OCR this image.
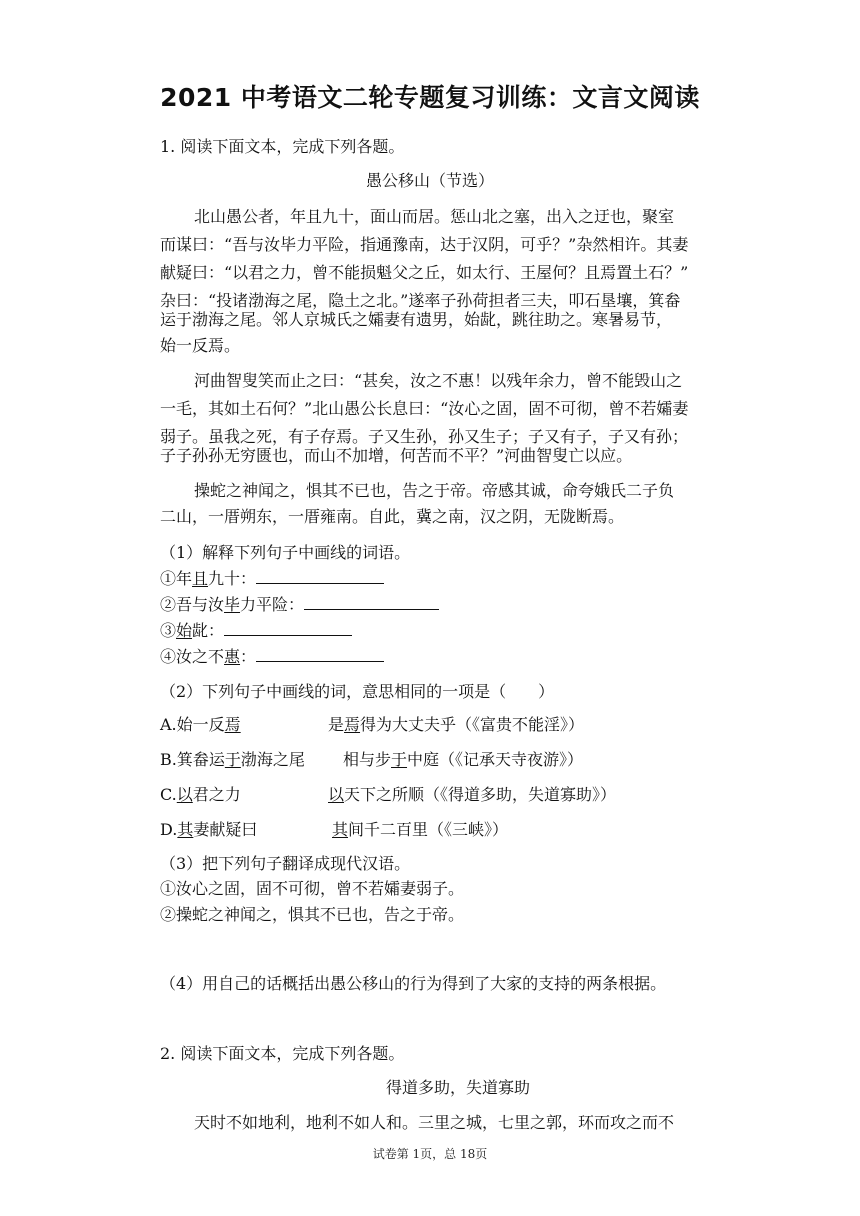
2021 中考语文二轮专题复习训练：文言文阅读
1. 阅读下面文本，完成下列各题。
愚公移山（节选）
北山愚公者，年且九十，面山而居。惩山北之塞，出入之迂也，聚室
而谋曰：“吾与汝毕力平险，指通豫南，达于汉阴，可乎？”杂然相许。其妻
献疑曰：“以君之力，曾不能损魁父之丘，如太行、王屋何？且焉置土石？”
杂曰：“投诸渤海之尾，隐土之北。”遂率子孙荷担者三夫，叩石垦壤，箕畚
运于渤海之尾。邻人京城氏之孀妻有遗男，始龀，跳往助之。寒暑易节，
始一反焉。
河曲智叟笑而止之曰：“甚矣，汝之不惠！以残年余力，曾不能毁山之
一毛，其如土石何？”北山愚公长息曰：“汝心之固，固不可彻，曾不若孀妻
弱子。虽我之死，有子存焉。子又生孙，孙又生子；子又有子，子又有孙；
子子孙孙无穷匮也，而山不加增，何苦而不平？”河曲智叟亡以应。
操蛇之神闻之，惧其不已也，告之于帝。帝感其诚，命夸娥氏二子负
二山，一厝朔东，一厝雍南。自此，冀之南，汉之阴，无陇断焉。
（1）解释下列句子中画线的词语。
①年且九十：
②吾与汝毕力平险：
③始龀：
④汝之不惠：
（2）下列句子中画线的词，意思相同的一项是（　　）
A.始一反焉	是焉得为大丈夫乎（《富贵不能淫》）
B.箕畚运于渤海之尾 相与步于中庭（《记承天寺夜游》）
C.以君之力	以天下之所顺（《得道多助，失道寡助》）
D.其妻献疑曰	其间千二百里（《三峡》）
（3）把下列句子翻译成现代汉语。
①汝心之固，固不可彻，曾不若孀妻弱子。
②操蛇之神闻之，惧其不已也，告之于帝。
（4）用自己的话概括出愚公移山的行为得到了大家的支持的两条根据。
2. 阅读下面文本，完成下列各题。
得道多助，失道寡助
天时不如地利，地利不如人和。三里之城，七里之郭，环而攻之而不
试卷第 1页，总 18页
